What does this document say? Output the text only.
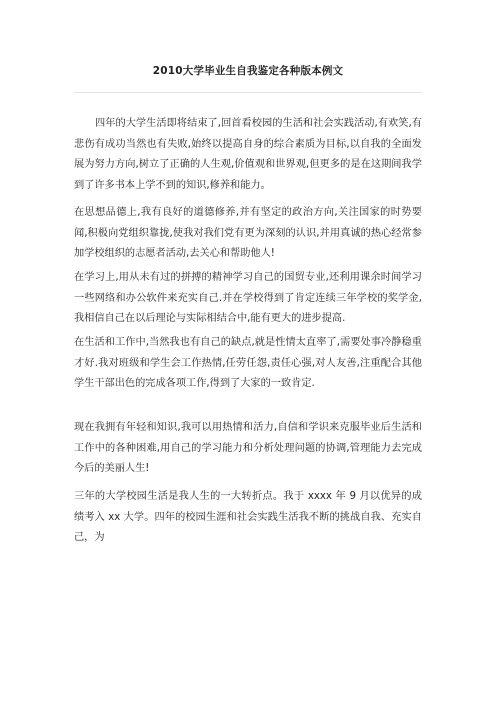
2010大学毕业生自我鉴定各种版本例文

四年的大学生活即将结束了,回首看校园的生活和社会实践活动,有欢笑,有悲伤有成功当然也有失败,始终以提高自身的综合素质为目标,以自我的全面发展为努力方向,树立了正确的人生观,价值观和世界观,但更多的是在这期间我学到了许多书本上学不到的知识,修养和能力。

在思想品德上,我有良好的道德修养,并有坚定的政治方向,关注国家的时势要闻,积极向党组织靠拢,使我对我们党有更为深刻的认识,并用真诚的热心经常参加学校组织的志愿者活动,去关心和帮助他人!

在学习上,用从未有过的拼搏的精神学习自己的国贸专业,还利用课余时间学习一些网络和办公软件来充实自己.并在学校得到了肯定连续三年学校的奖学金,我相信自己在以后理论与实际相结合中,能有更大的进步提高.

在生活和工作中,当然我也有自己的缺点,就是性情太直率了,需要处事冷静稳重才好.我对班级和学生会工作热情,任劳任怨,责任心强,对人友善,注重配合其他学生干部出色的完成各项工作,得到了大家的一致肯定.

现在我拥有年轻和知识,我可以用热情和活力,自信和学识来克服毕业后生活和工作中的各种困难,用自己的学习能力和分析处理问题的协调,管理能力去完成今后的美丽人生!

三年的大学校园生活是我人生的一大转折点。我于 xxxx 年 9 月以优异的成绩考入 xx 大学。四年的校园生涯和社会实践生活我不断的挑战自我、充实自己，为
